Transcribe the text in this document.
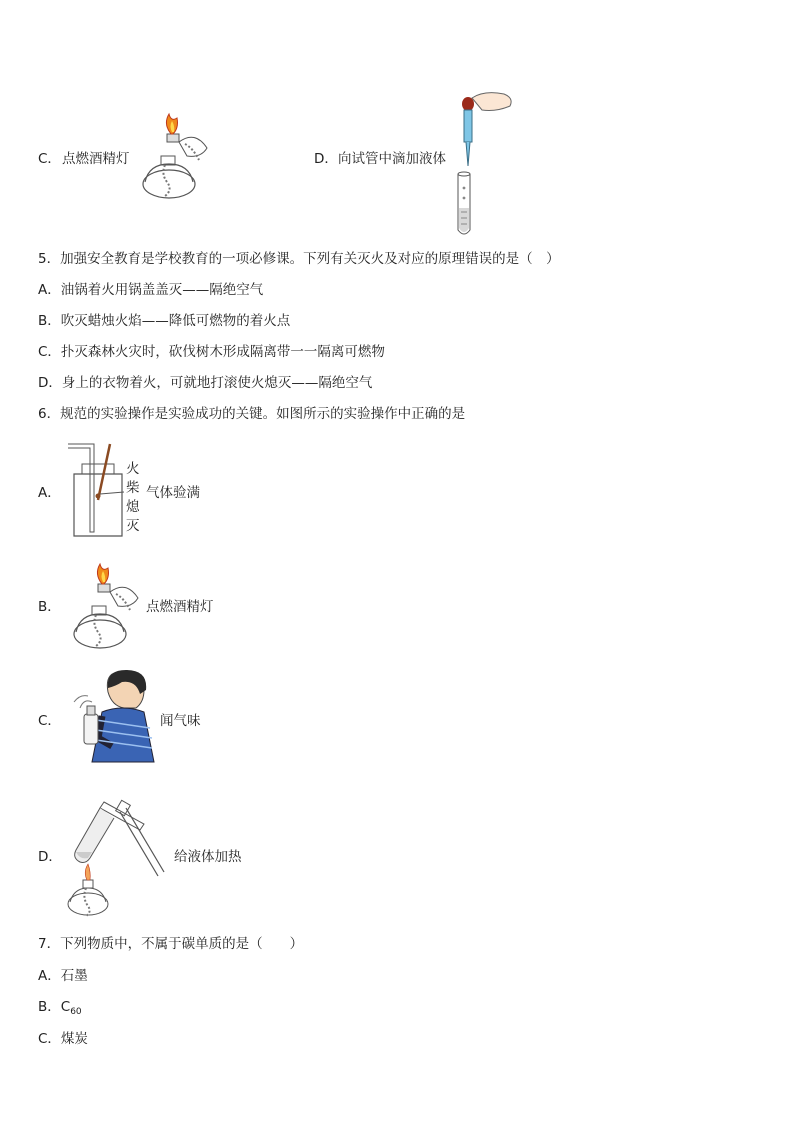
C． 点燃酒精灯	D． 向试管中滴加液体
5．加强安全教育是学校教育的一项必修课。下列有关灭火及对应的原理错误的是（　）
A．油锅着火用锅盖盖灭——隔绝空气
B．吹灭蜡烛火焰——降低可燃物的着火点
C．扑灭森林火灾时，砍伐树木形成隔离带一一隔离可燃物
D．身上的衣物着火，可就地打滚使火熄灭——隔绝空气
6．规范的实验操作是实验成功的关键。如图所示的实验操作中正确的是
A．
火
柴
熄
灭
气体验满
B．	点燃酒精灯
C．	闻气味
D．	给液体加热
7．下列物质中，不属于碳单质的是（　　）
A．石墨
B．$C_{60}$
C．煤炭
